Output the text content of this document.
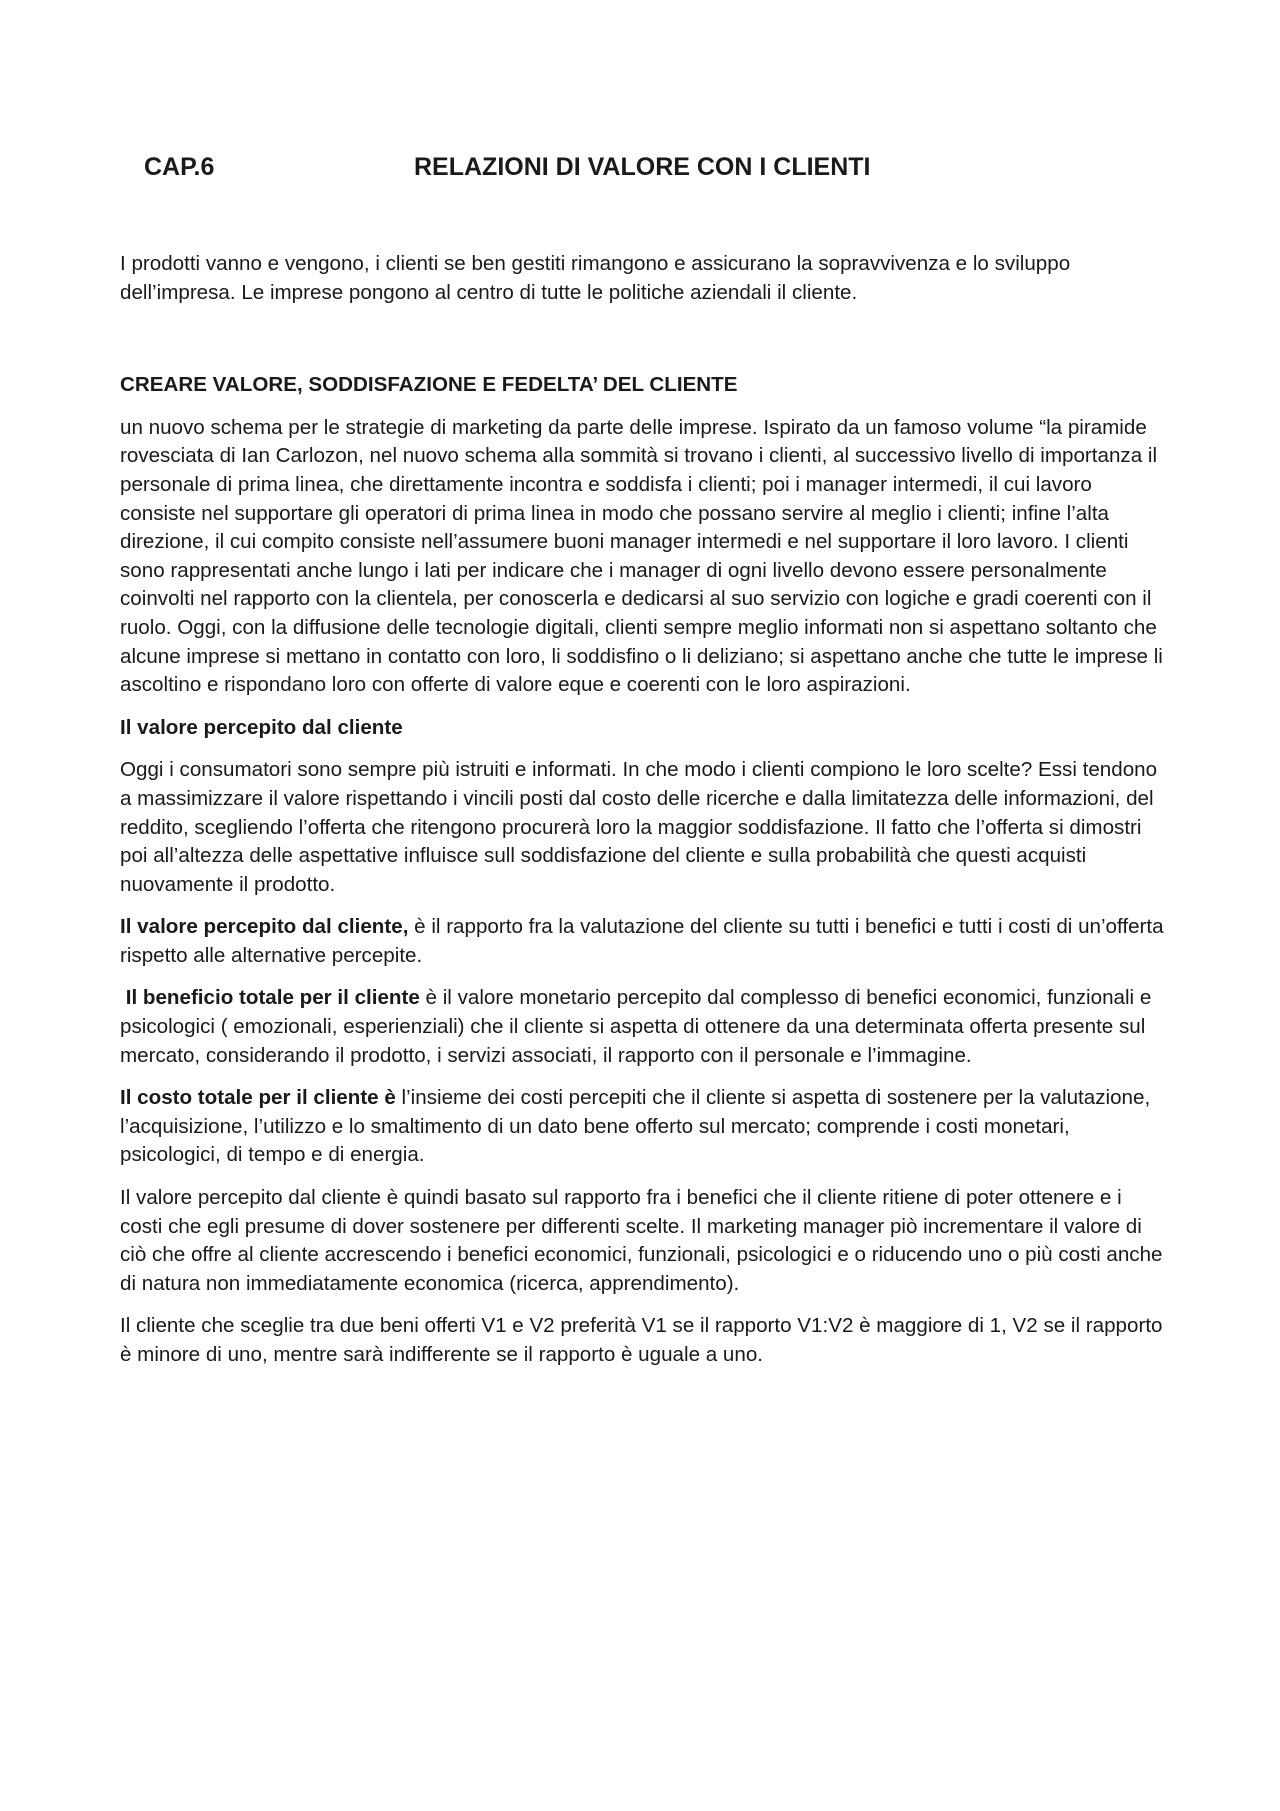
CAP.6	RELAZIONI DI VALORE CON I CLIENTI

I prodotti vanno e vengono, i clienti se ben gestiti rimangono e assicurano la sopravvivenza e lo sviluppo dell’impresa. Le imprese pongono al centro di tutte le politiche aziendali il cliente.

CREARE VALORE, SODDISFAZIONE E FEDELTA’ DEL CLIENTE

un nuovo schema per le strategie di marketing da parte delle imprese. Ispirato da un famoso volume “la piramide rovesciata di Ian Carlozon, nel nuovo schema alla sommità si trovano i clienti, al successivo livello di importanza il personale di prima linea, che direttamente incontra e soddisfa i clienti; poi i manager intermedi, il cui lavoro consiste nel supportare gli operatori di prima linea in modo che possano servire al meglio i clienti; infine l’alta direzione, il cui compito consiste nell’assumere buoni manager intermedi e nel supportare il loro lavoro. I clienti sono rappresentati anche lungo i lati per indicare che i manager di ogni livello devono essere personalmente coinvolti nel rapporto con la clientela, per conoscerla e dedicarsi al suo servizio con logiche e gradi coerenti con il ruolo. Oggi, con la diffusione delle tecnologie digitali, clienti sempre meglio informati non si aspettano soltanto che alcune imprese si mettano in contatto con loro, li soddisfino o li deliziano; si aspettano anche che tutte le imprese li ascoltino e rispondano loro con offerte di valore eque e coerenti con le loro aspirazioni.

Il valore percepito dal cliente

Oggi i consumatori sono sempre più istruiti e informati. In che modo i clienti compiono le loro scelte? Essi tendono a massimizzare il valore rispettando i vincili posti dal costo delle ricerche e dalla limitatezza delle informazioni, del reddito, scegliendo l’offerta che ritengono procurerà loro la maggior soddisfazione. Il fatto che l’offerta si dimostri poi all’altezza delle aspettative influisce sull soddisfazione del cliente e sulla probabilità che questi acquisti nuovamente il prodotto.

Il valore percepito dal cliente, è il rapporto fra la valutazione del cliente su tutti i benefici e tutti i costi di un’offerta rispetto alle alternative percepite.

Il beneficio totale per il cliente è il valore monetario percepito dal complesso di benefici economici, funzionali e psicologici ( emozionali, esperienziali) che il cliente si aspetta di ottenere da una determinata offerta presente sul mercato, considerando il prodotto, i servizi associati, il rapporto con il personale e l’immagine.

Il costo totale per il cliente è l’insieme dei costi percepiti che il cliente si aspetta di sostenere per la valutazione, l’acquisizione, l’utilizzo e lo smaltimento di un dato bene offerto sul mercato; comprende i costi monetari, psicologici, di tempo e di energia.

Il valore percepito dal cliente è quindi basato sul rapporto fra i benefici che il cliente ritiene di poter ottenere e i costi che egli presume di dover sostenere per differenti scelte. Il marketing manager piò incrementare il valore di ciò che offre al cliente accrescendo i benefici economici, funzionali, psicologici e o riducendo uno o più costi anche di natura non immediatamente economica (ricerca, apprendimento).

Il cliente che sceglie tra due beni offerti V1 e V2 preferità V1 se il rapporto V1:V2 è maggiore di 1, V2 se il rapporto è minore di uno, mentre sarà indifferente se il rapporto è uguale a uno.
